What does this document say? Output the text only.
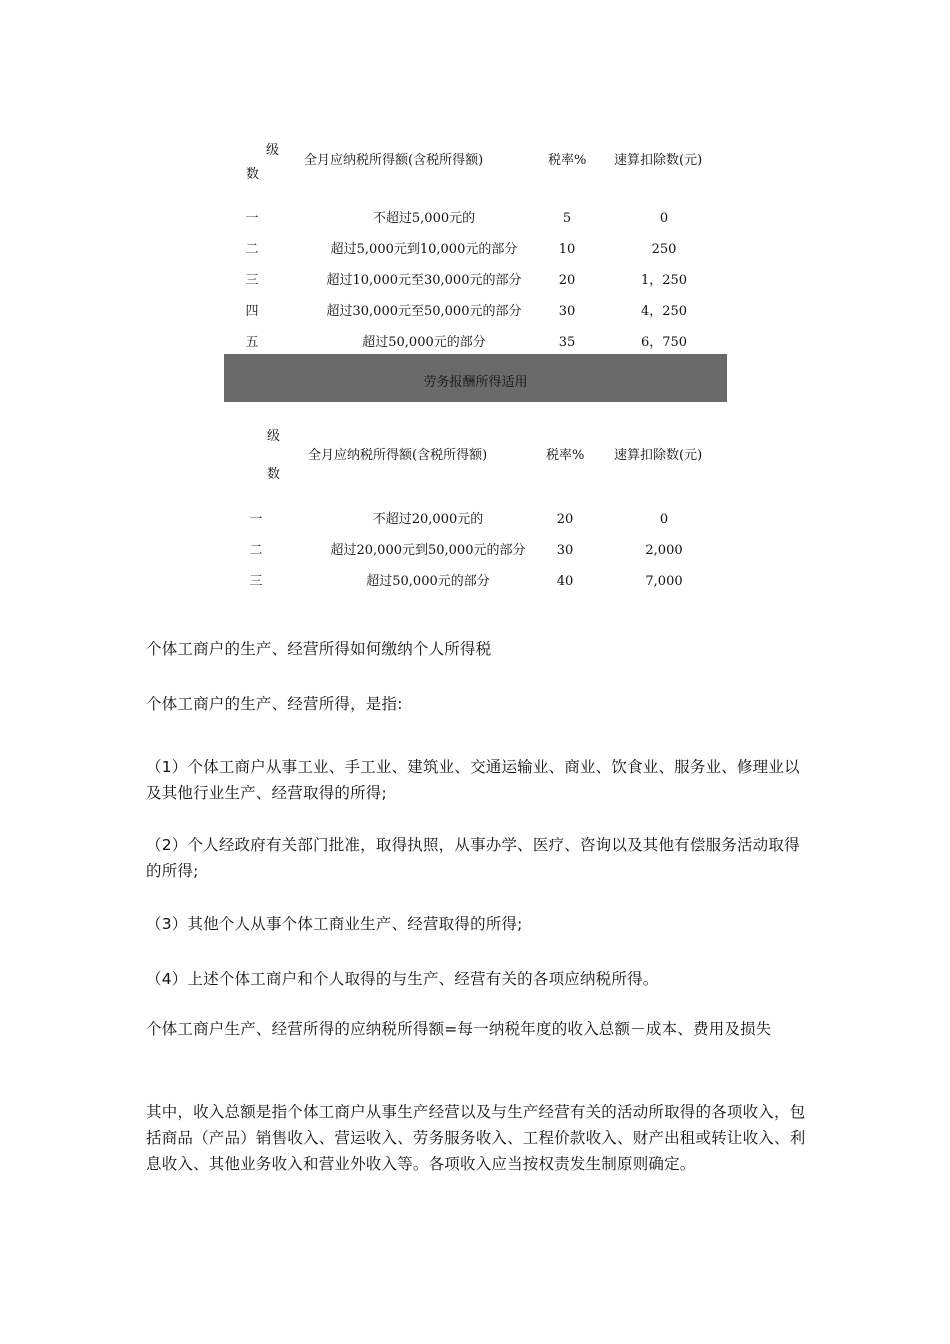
级
数
全月应纳税所得额(含税所得额)	税率% 速算扣除数(元)
一	不超过5,000元的	5	0
二	超过5,000元到10,000元的部分	10	250
三	超过10,000元至30,000元的部分	20	1，250
四	超过30,000元至50,000元的部分	30	4，250
五	超过50,000元的部分	35	6，750
劳务报酬所得适用
级
数
全月应纳税所得额(含税所得额)	税率% 速算扣除数(元)
一	不超过20,000元的	20	0
二	超过20,000元到50,000元的部分	30	2,000
三	超过50,000元的部分	40	7,000

个体工商户的生产、经营所得如何缴纳个人所得税

个体工商户的生产、经营所得，是指:

（1）个体工商户从事工业、手工业、建筑业、交通运输业、商业、饮食业、服务业、修理业以及其他行业生产、经营取得的所得;

（2）个人经政府有关部门批准，取得执照，从事办学、医疗、咨询以及其他有偿服务活动取得的所得;

（3）其他个人从事个体工商业生产、经营取得的所得;

（4）上述个体工商户和个人取得的与生产、经营有关的各项应纳税所得。

个体工商户生产、经营所得的应纳税所得额=每一纳税年度的收入总额－成本、费用及损失

其中，收入总额是指个体工商户从事生产经营以及与生产经营有关的活动所取得的各项收入，包括商品（产品）销售收入、营运收入、劳务服务收入、工程价款收入、财产出租或转让收入、利息收入、其他业务收入和营业外收入等。各项收入应当按权责发生制原则确定。
